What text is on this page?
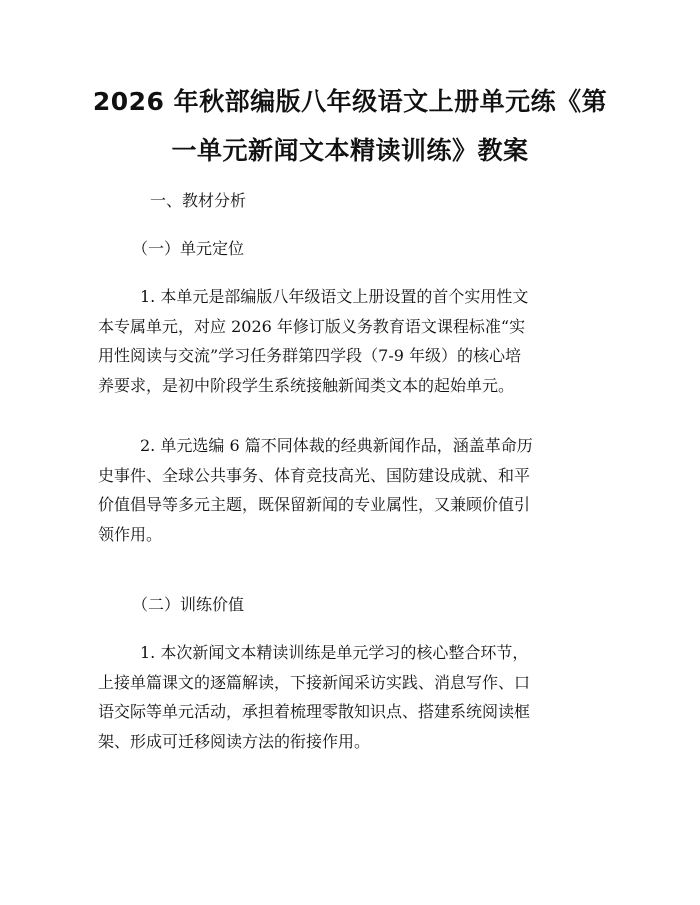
2026 年秋部编版八年级语文上册单元练《第
一单元新闻文本精读训练》教案
一、教材分析
（一）单元定位
1. 本单元是部编版八年级语文上册设置的首个实用性文
本专属单元，对应 2026 年修订版义务教育语文课程标准“实
用性阅读与交流”学习任务群第四学段（7-9 年级）的核心培
养要求，是初中阶段学生系统接触新闻类文本的起始单元。
2. 单元选编 6 篇不同体裁的经典新闻作品，涵盖革命历
史事件、全球公共事务、体育竞技高光、国防建设成就、和平
价值倡导等多元主题，既保留新闻的专业属性，又兼顾价值引
领作用。
（二）训练价值
1. 本次新闻文本精读训练是单元学习的核心整合环节，
上接单篇课文的逐篇解读，下接新闻采访实践、消息写作、口
语交际等单元活动，承担着梳理零散知识点、搭建系统阅读框
架、形成可迁移阅读方法的衔接作用。
